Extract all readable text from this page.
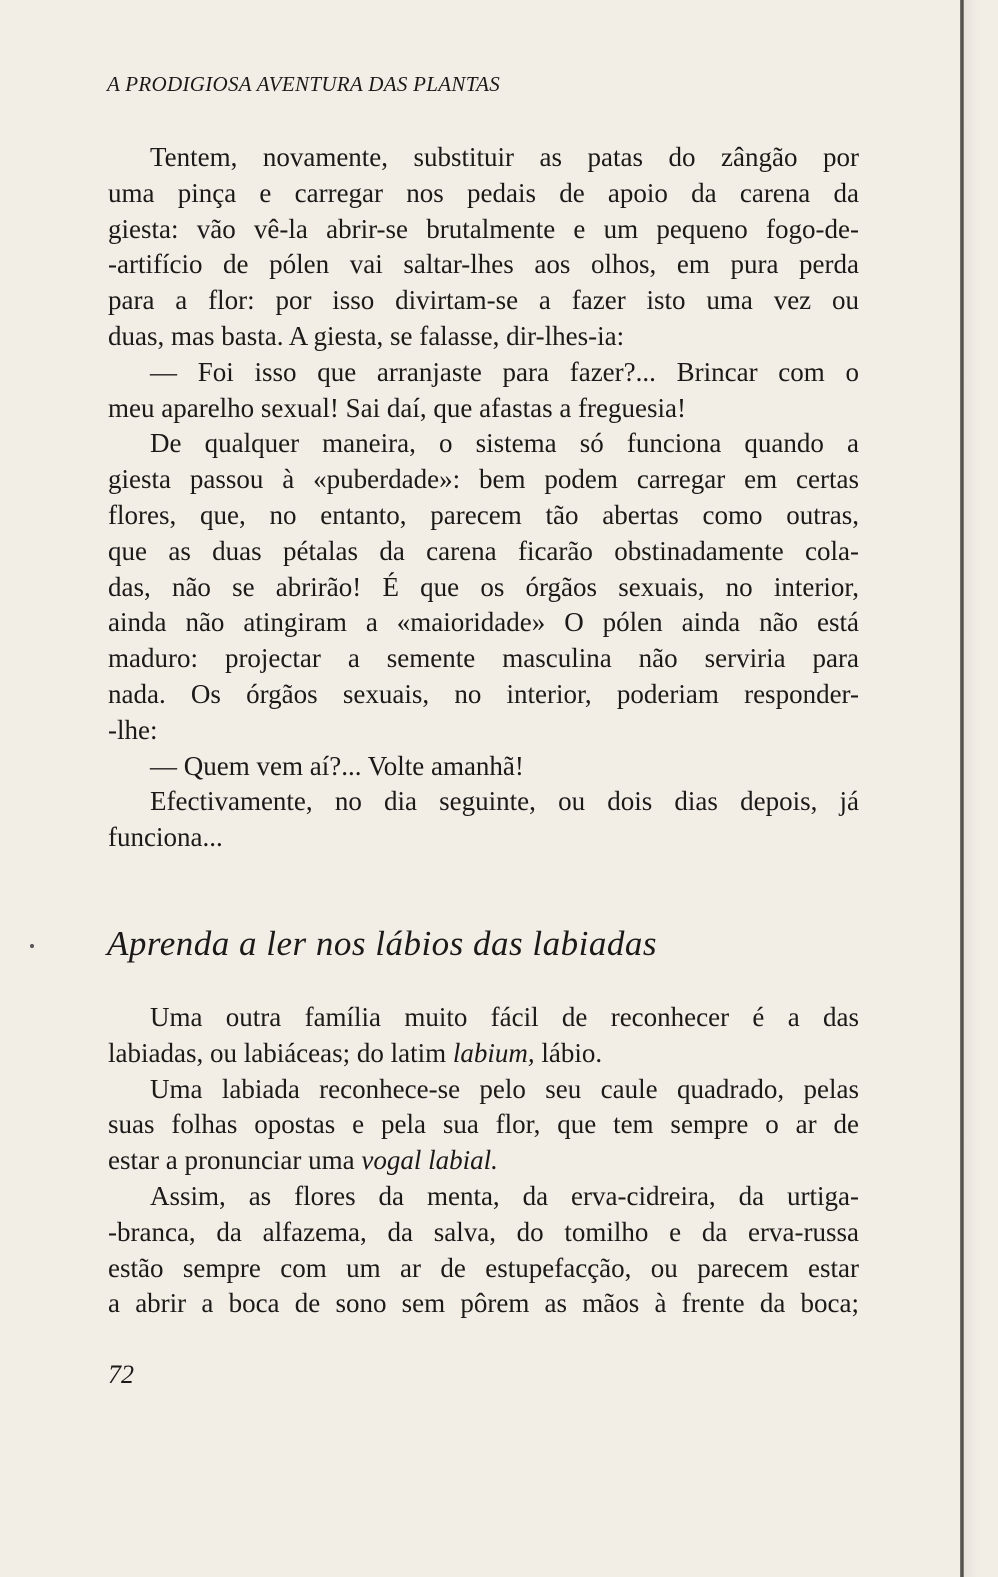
A PRODIGIOSA AVENTURA DAS PLANTAS
Tentem, novamente, substituir as patas do zângão por
uma pinça e carregar nos pedais de apoio da carena da
giesta: vão vê-la abrir-se brutalmente e um pequeno fogo-de-
-artifício de pólen vai saltar-lhes aos olhos, em pura perda
para a flor: por isso divirtam-se a fazer isto uma vez ou
duas, mas basta. A giesta, se falasse, dir-lhes-ia:
— Foi isso que arranjaste para fazer?... Brincar com o
meu aparelho sexual! Sai daí, que afastas a freguesia!
De qualquer maneira, o sistema só funciona quando a
giesta passou à «puberdade»: bem podem carregar em certas
flores, que, no entanto, parecem tão abertas como outras,
que as duas pétalas da carena ficarão obstinadamente cola-
das, não se abrirão! É que os órgãos sexuais, no interior,
ainda não atingiram a «maioridade» O pólen ainda não está
maduro: projectar a semente masculina não serviria para
nada. Os órgãos sexuais, no interior, poderiam responder-
-lhe:
— Quem vem aí?... Volte amanhã!
Efectivamente, no dia seguinte, ou dois dias depois, já
funciona...
Aprenda a ler nos lábios das labiadas
Uma outra família muito fácil de reconhecer é a das
labiadas, ou labiáceas; do latim labium, lábio.
Uma labiada reconhece-se pelo seu caule quadrado, pelas
suas folhas opostas e pela sua flor, que tem sempre o ar de
estar a pronunciar uma vogal labial.
Assim, as flores da menta, da erva-cidreira, da urtiga-
-branca, da alfazema, da salva, do tomilho e da erva-russa
estão sempre com um ar de estupefacção, ou parecem estar
a abrir a boca de sono sem pôrem as mãos à frente da boca;
72
